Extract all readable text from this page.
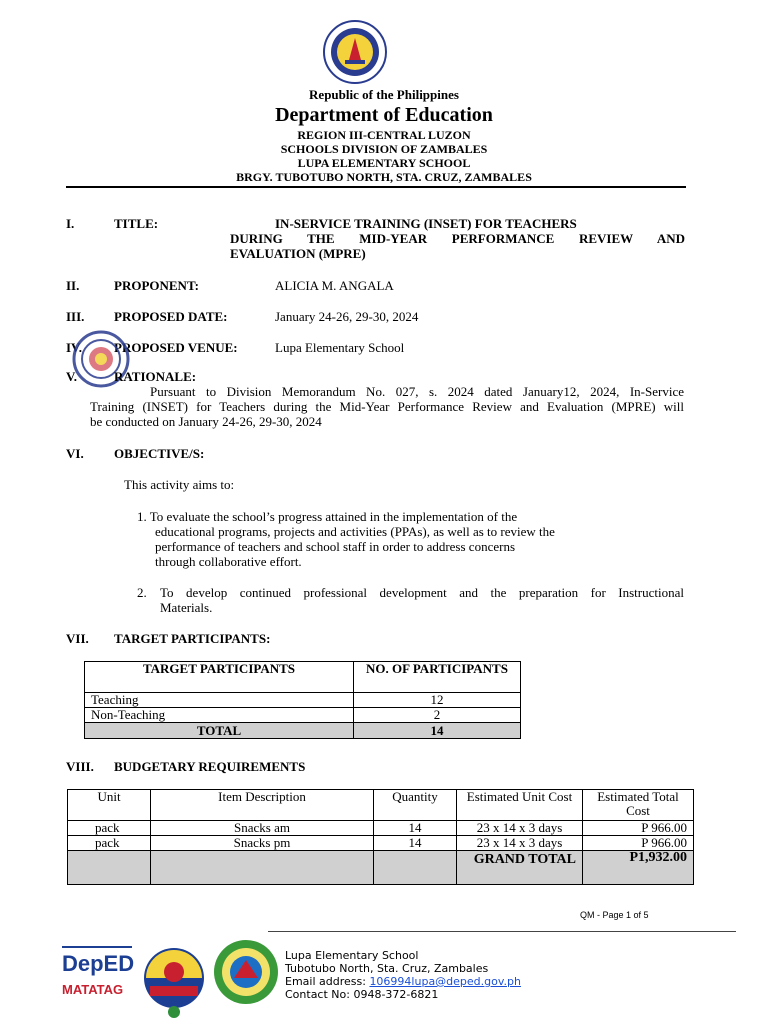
Republic of the Philippines
Department of Education
REGION III-CENTRAL LUZON
SCHOOLS DIVISION OF ZAMBALES
LUPA ELEMENTARY SCHOOL
BRGY. TUBOTUBO NORTH, STA. CRUZ, ZAMBALES
I.	TITLE:	IN-SERVICE TRAINING (INSET) FOR TEACHERS
DURING THE MID-YEAR PERFORMANCE REVIEW AND
EVALUATION (MPRE)
II.	PROPONENT:	ALICIA M. ANGALA
III. PROPOSED DATE:	January 24-26, 29-30, 2024
IV. PROPOSED VENUE:	Lupa Elementary School
V.	RATIONALE:
Pursuant to Division Memorandum No. 027, s. 2024 dated January12, 2024, In-Service
Training (INSET) for Teachers during the Mid-Year Performance Review and Evaluation (MPRE) will
be conducted on January 24-26, 29-30, 2024
VI. OBJECTIVE/S:
This activity aims to:
1. To evaluate the school’s progress attained in the implementation of the
educational programs, projects and activities (PPAs), as well as to review the
performance of teachers and school staff in order to address concerns
through collaborative effort.
2. To develop continued professional development and the preparation for Instructional
Materials.
VII. TARGET PARTICIPANTS:
TARGET PARTICIPANTS	NO. OF PARTICIPANTS
Teaching	12
Non-Teaching	2
TOTAL	14
VIII. BUDGETARY REQUIREMENTS
Unit	Item Description	Quantity	Estimated Unit Cost	Estimated Total Cost
pack	Snacks am	14	23 x 14 x 3 days	P 966.00
pack	Snacks pm	14	23 x 14 x 3 days	P 966.00
			GRAND TOTAL	P1,932.00
QM - Page 1 of 5
DepED
MATATAG
Lupa Elementary School
Tubotubo North, Sta. Cruz, Zambales
Email address: 106994lupa@deped.gov.ph
Contact No: 0948-372-6821
